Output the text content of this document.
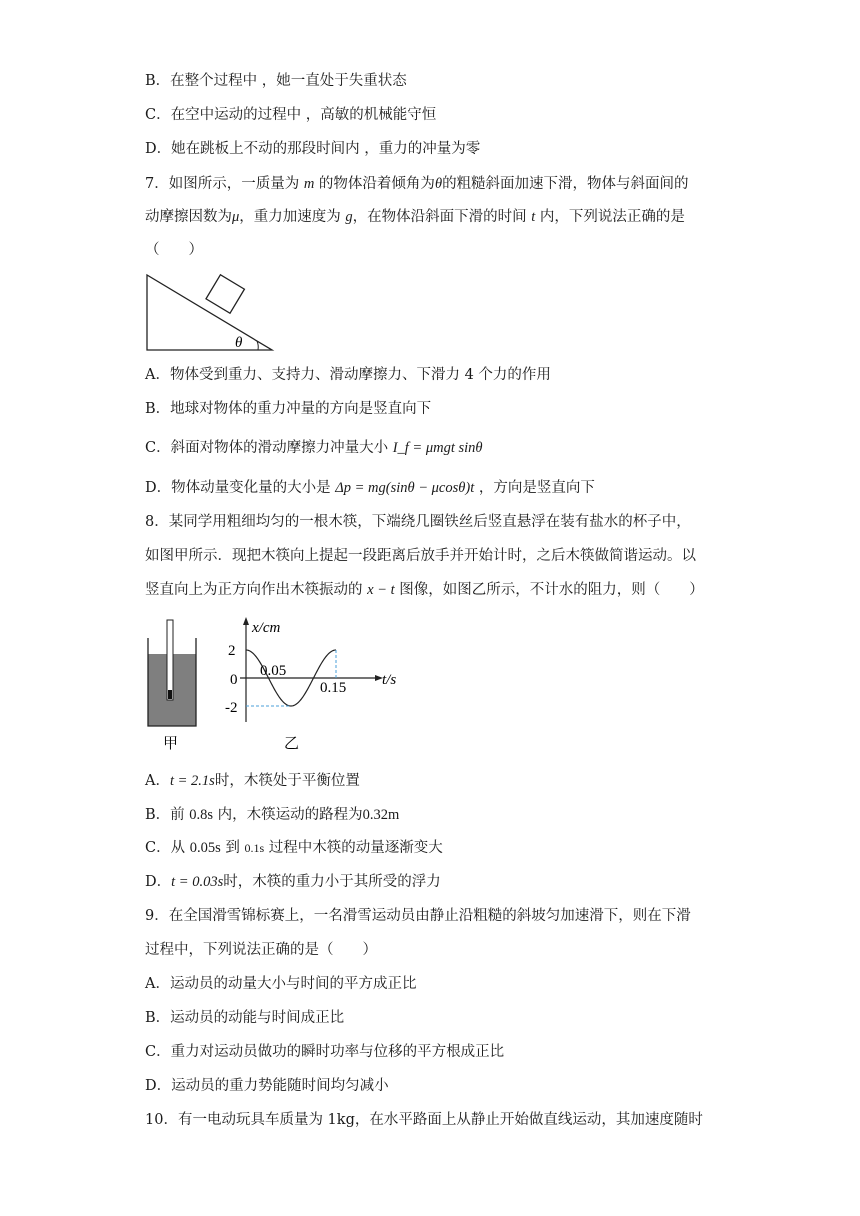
B．在整个过程中 ，她一直处于失重状态
C．在空中运动的过程中 ，高敏的机械能守恒
D．她在跳板上不动的那段时间内 ，重力的冲量为零
7．如图所示，一质量为 m 的物体沿着倾角为θ的粗糙斜面加速下滑，物体与斜面间的
动摩擦因数为μ，重力加速度为 g，在物体沿斜面下滑的时间 t 内，下列说法正确的是
（　　）
θ
A．物体受到重力、支持力、滑动摩擦力、下滑力 4 个力的作用
B．地球对物体的重力冲量的方向是竖直向下
C．斜面对物体的滑动摩擦力冲量大小 I_f = μmgt sinθ
D．物体动量变化量的大小是 Δp = mg(sinθ − μcosθ)t ，方向是竖直向下
8．某同学用粗细均匀的一根木筷，下端绕几圈铁丝后竖直悬浮在装有盐水的杯子中，
如图甲所示．现把木筷向上提起一段距离后放手并开始计时，之后木筷做简谐运动。以
竖直向上为正方向作出木筷振动的 x − t 图像，如图乙所示，不计水的阻力，则（　　）
甲
x/cm
2
0
-2
0.05
0.15 t/s
乙
A．t = 2.1s时，木筷处于平衡位置
B．前 0.8s 内，木筷运动的路程为0.32m
C．从 0.05s 到 0.1s 过程中木筷的动量逐渐变大
D．t = 0.03s时，木筷的重力小于其所受的浮力
9．在全国滑雪锦标赛上，一名滑雪运动员由静止沿粗糙的斜坡匀加速滑下，则在下滑
过程中，下列说法正确的是（　　）
A．运动员的动量大小与时间的平方成正比
B．运动员的动能与时间成正比
C．重力对运动员做功的瞬时功率与位移的平方根成正比
D．运动员的重力势能随时间均匀减小
10．有一电动玩具车质量为 1kg，在水平路面上从静止开始做直线运动，其加速度随时
